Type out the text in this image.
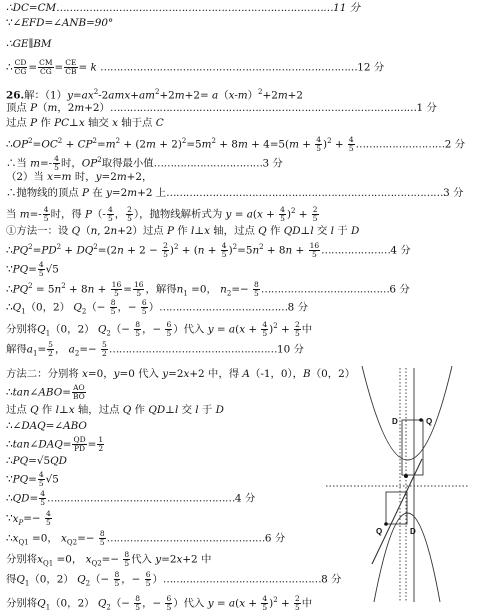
∴DC=CM…………………………………………………………………………11 分
∵∠EFD=∠ANB=90°
∴GE∥BM
∴ $\frac{CD}{CG} = \frac{CM}{CG} = \frac{CE}{CB} = k$ ……………………………………………………………………12 分
26.解：$(1)y=ax^2-2amx+am^2+2m+2= a(x-m)^2+2m+2$
顶点 P（m，2m+2）…………………………………………………………………………………1 分
过点 P 作 PC⊥x 轴交 x 轴于点 C
$\therefore OP^2=OC^2 + CP^2=m^2 + (2m + 2)^2=5m^2 + 8m + 4=5(m + \frac{4}{5} )^2 + \frac{4}{5}$ ………………………2 分
∴当 $m=- \frac{4}{5}$ 时，$OP^2$取得最小值……………………………3 分
（2）当 x=m 时，y=2m+2，
∴抛物线的顶点 P 在 y=2m+2 上…………………………………………………………………………3 分
当 $m=- \frac{4}{5}$ 时，得 $P(- \frac{4}{5}$ ， $\frac{2}{5}$ ），抛物线解析式为 $y = a(x + \frac{4}{5} )^2 + \frac{2}{5}$
①方法一：设 Q（n, 2n+2）过点 P 作 l⊥x 轴，过点 Q 作 QD⊥l 交 l 于 D
$\therefore PQ^2=PD^2 + DQ^2=(2n + 2 - \frac{2}{5} )^2 + (n + \frac{4}{5} )^2=5n^2 + 8n + \frac{16}{5}$ …………………4 分
∵PQ= $\frac{4}{5} √5$
$\therefore PQ^2 = 5n^2 + 8n + \frac{16}{5} = \frac{16}{5}$ ，解得$n_1 =0$， $n_2=- \frac{8}{5}$ …………………………………6 分
$\therefore Q_1(0$，2） $Q_2(- \frac{8}{5}$ ，− $\frac{6}{5}$ ）…………………………………8 分
分别将$Q_1(0$，2） $Q_2(- \frac{8}{5}$ ，− $\frac{6}{5}$ ）代入 $y = a(x + \frac{4}{5} )^2 + \frac{2}{5}$ 中
解得$a_1= \frac{5}{2}$ ， $a_2=- \frac{5}{2}$ ……………………………………………10 分
方法二：分别将 x=0，y=0 代入 y=2x+2 中，得 A（-1，0），B（0，2）
∴tan∠ABO= $\frac{AO}{BO}$
过点 Q 作 l⊥x 轴，过点 Q 作 QD⊥l 交 l 于 D
∴∠DAQ=∠ABO
∴tan∠DAQ= $\frac{QD}{PD} = \frac{1}{2}$
∴PQ=√5QD
∵PQ= $\frac{4}{5} √5$
∴QD= $\frac{4}{5}$ …………………………………………………4 分
$\because x_P=- \frac{4}{5}$
$\therefore x_{Q1} =0$， $x_{Q2}=- \frac{8}{5}$ …………………………………………6 分
分别将$x_{Q1} =0$， $x_{Q2}=- \frac{8}{5}$ 代入 y=2x+2 中
得$Q_1(0$，2） $Q_2(- \frac{8}{5}$ ，− $\frac{6}{5}$ ）…………………………………………8 分
分别将$Q_1(0$，2） $Q_2(- \frac{8}{5}$ ，− $\frac{6}{5}$ ）代入 $y = a(x + \frac{4}{5} )^2 + \frac{2}{5}$ 中
D	Q
Q	D
